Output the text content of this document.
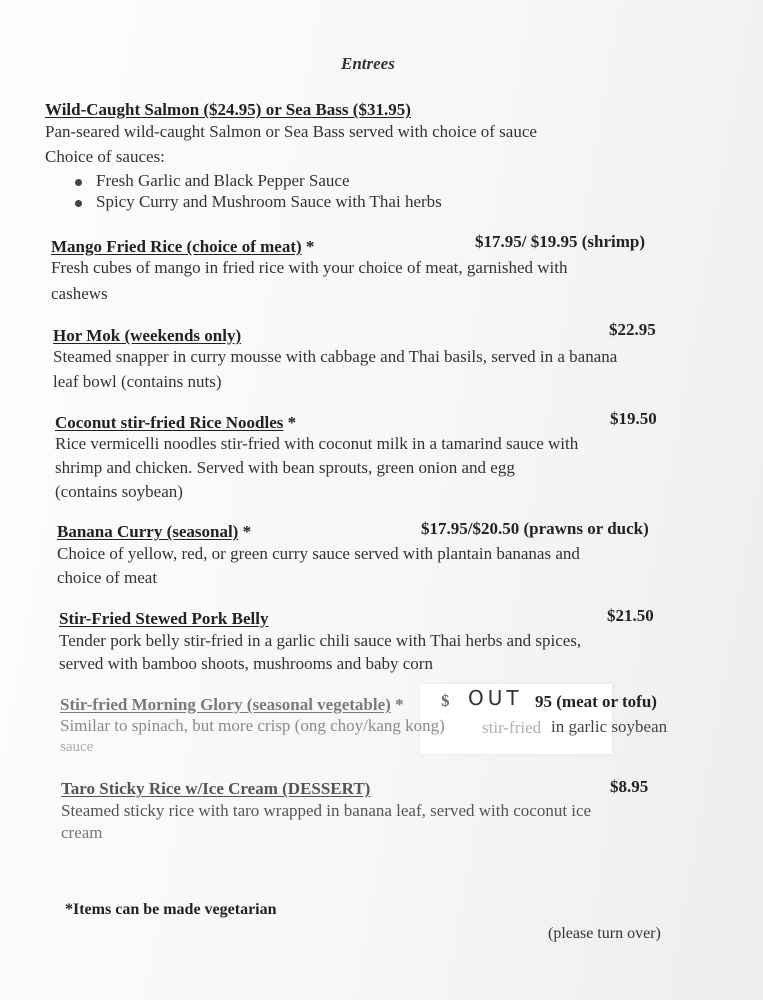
Entrees
Wild-Caught Salmon ($24.95) or Sea Bass ($31.95)
Pan-seared wild-caught Salmon or Sea Bass served with choice of sauce
Choice of sauces:
Fresh Garlic and Black Pepper Sauce
Spicy Curry and Mushroom Sauce with Thai herbs
Mango Fried Rice (choice of meat) *	$17.95/ $19.95 (shrimp)
Fresh cubes of mango in fried rice with your choice of meat, garnished with
cashews
Hor Mok (weekends only)	$22.95
Steamed snapper in curry mousse with cabbage and Thai basils, served in a banana
leaf bowl (contains nuts)
Coconut stir-fried Rice Noodles *	$19.50
Rice vermicelli noodles stir-fried with coconut milk in a tamarind sauce with
shrimp and chicken. Served with bean sprouts, green onion and egg
(contains soybean)
Banana Curry (seasonal) *	$17.95/$20.50 (prawns or duck)
Choice of yellow, red, or green curry sauce served with plantain bananas and
choice of meat
Stir-Fried Stewed Pork Belly	$21.50
Tender pork belly stir-fried in a garlic chili sauce with Thai herbs and spices,
served with bamboo shoots, mushrooms and baby corn
Stir-fried Morning Glory (seasonal vegetable) * $ OUT 95 (meat or tofu)
Similar to spinach, but more crisp (ong choy/kang kong) stir-fried in garlic soybean
sauce
Taro Sticky Rice w/Ice Cream (DESSERT)	$8.95
Steamed sticky rice with taro wrapped in banana leaf, served with coconut ice
cream
*Items can be made vegetarian
(please turn over)
